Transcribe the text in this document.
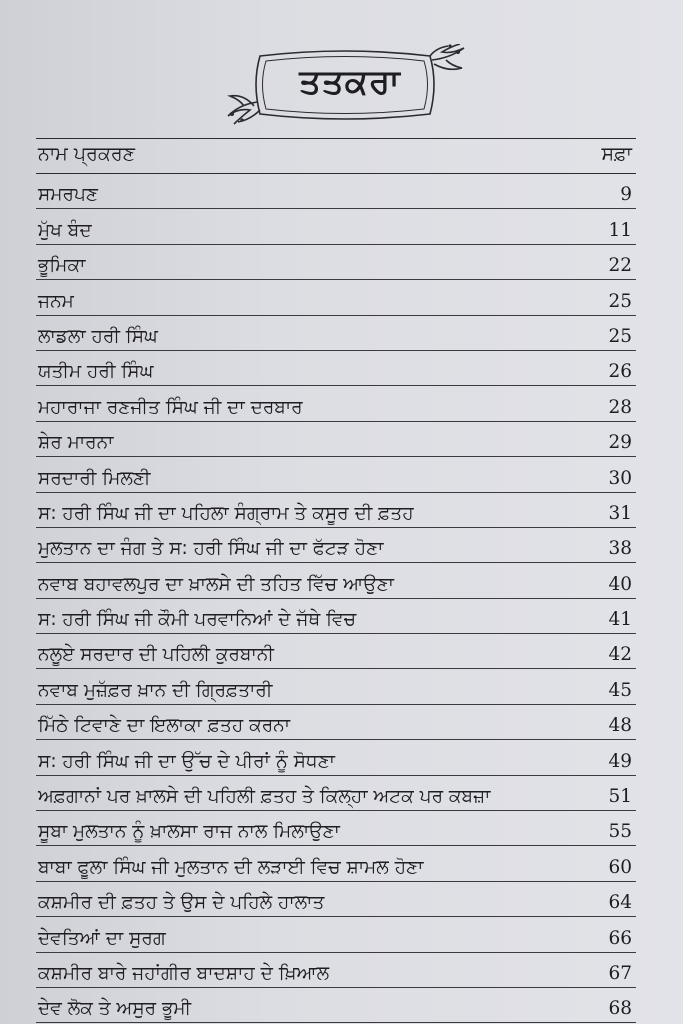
ਤਤਕਰਾ
ਨਾਮ ਪ੍ਰਕਰਣ	ਸਫ਼ਾ
ਸਮਰਪਣ	9
ਮੁੱਖ ਬੰਦ	11
ਭੂਮਿਕਾ	22
ਜਨਮ	25
ਲਾਡਲਾ ਹਰੀ ਸਿੰਘ	25
ਯਤੀਮ ਹਰੀ ਸਿੰਘ	26
ਮਹਾਰਾਜਾ ਰਣਜੀਤ ਸਿੰਘ ਜੀ ਦਾ ਦਰਬਾਰ	28
ਸ਼ੇਰ ਮਾਰਨਾ	29
ਸਰਦਾਰੀ ਮਿਲਣੀ	30
ਸ: ਹਰੀ ਸਿੰਘ ਜੀ ਦਾ ਪਹਿਲਾ ਸੰਗ੍ਰਾਮ ਤੇ ਕਸੂਰ ਦੀ ਫ਼ਤਹ	31
ਮੁਲਤਾਨ ਦਾ ਜੰਗ ਤੇ ਸ: ਹਰੀ ਸਿੰਘ ਜੀ ਦਾ ਫੱਟੜ ਹੋਣਾ	38
ਨਵਾਬ ਬਹਾਵਲਪੁਰ ਦਾ ਖ਼ਾਲਸੇ ਦੀ ਤਹਿਤ ਵਿੱਚ ਆਉਣਾ	40
ਸ: ਹਰੀ ਸਿੰਘ ਜੀ ਕੌਮੀ ਪਰਵਾਨਿਆਂ ਦੇ ਜੱਥੇ ਵਿਚ	41
ਨਲੂਏ ਸਰਦਾਰ ਦੀ ਪਹਿਲੀ ਕੁਰਬਾਨੀ	42
ਨਵਾਬ ਮੁਜ਼ੱਫ਼ਰ ਖ਼ਾਨ ਦੀ ਗ੍ਰਿਫ਼ਤਾਰੀ	45
ਮਿੱਠੇ ਟਿਵਾਣੇ ਦਾ ਇਲਾਕਾ ਫ਼ਤਹ ਕਰਨਾ	48
ਸ: ਹਰੀ ਸਿੰਘ ਜੀ ਦਾ ਉੱਚ ਦੇ ਪੀਰਾਂ ਨੂੰ ਸੋਧਣਾ	49
ਅਫ਼ਗਾਨਾਂ ਪਰ ਖ਼ਾਲਸੇ ਦੀ ਪਹਿਲੀ ਫ਼ਤਹ ਤੇ ਕਿਲ੍ਹਾ ਅਟਕ ਪਰ ਕਬਜ਼ਾ	51
ਸੂਬਾ ਮੁਲਤਾਨ ਨੂੰ ਖ਼ਾਲਸਾ ਰਾਜ ਨਾਲ ਮਿਲਾਉਣਾ	55
ਬਾਬਾ ਫੂਲਾ ਸਿੰਘ ਜੀ ਮੁਲਤਾਨ ਦੀ ਲੜਾਈ ਵਿਚ ਸ਼ਾਮਲ ਹੋਣਾ	60
ਕਸ਼ਮੀਰ ਦੀ ਫ਼ਤਹ ਤੇ ਉਸ ਦੇ ਪਹਿਲੇ ਹਾਲਾਤ	64
ਦੇਵਤਿਆਂ ਦਾ ਸੁਰਗ	66
ਕਸ਼ਮੀਰ ਬਾਰੇ ਜਹਾਂਗੀਰ ਬਾਦਸ਼ਾਹ ਦੇ ਖ਼ਿਆਲ	67
ਦੇਵ ਲੋਕ ਤੇ ਅਸੁਰ ਭੂਮੀ	68
